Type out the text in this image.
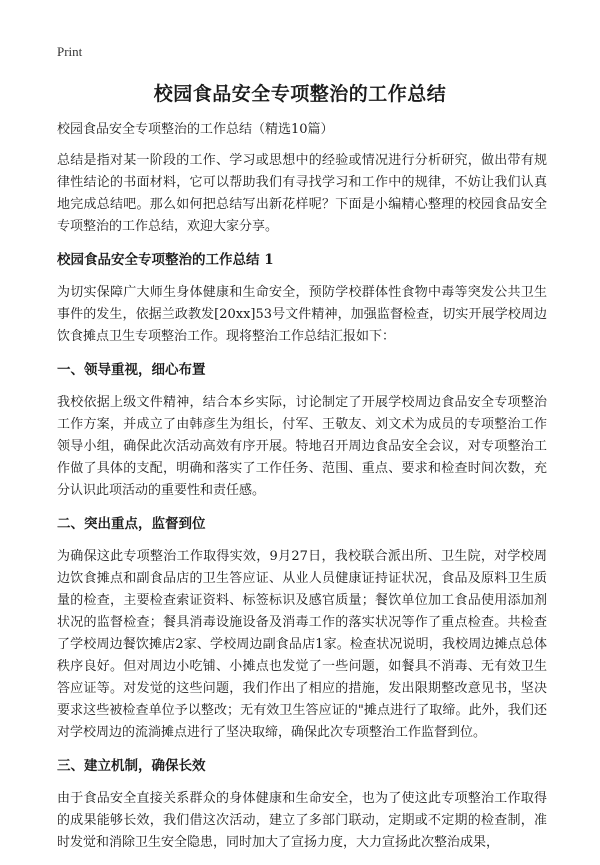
Print
校园食品安全专项整治的工作总结

校园食品安全专项整治的工作总结（精选10篇）

总结是指对某一阶段的工作、学习或思想中的经验或情况进行分析研究，做出带有规律性结论的书面材料，它可以帮助我们有寻找学习和工作中的规律，不妨让我们认真地完成总结吧。那么如何把总结写出新花样呢？下面是小编精心整理的校园食品安全专项整治的工作总结，欢迎大家分享。

校园食品安全专项整治的工作总结 1

为切实保障广大师生身体健康和生命安全，预防学校群体性食物中毒等突发公共卫生事件的发生，依据兰政教发[20xx]53号文件精神，加强监督检查，切实开展学校周边饮食摊点卫生专项整治工作。现将整治工作总结汇报如下：

一、领导重视，细心布置

我校依据上级文件精神，结合本乡实际，讨论制定了开展学校周边食品安全专项整治工作方案，并成立了由韩彦生为组长，付军、王敬友、刘文术为成员的专项整治工作领导小组，确保此次活动高效有序开展。特地召开周边食品安全会议，对专项整治工作做了具体的支配，明确和落实了工作任务、范围、重点、要求和检查时间次数，充分认识此项活动的重要性和责任感。

二、突出重点，监督到位

为确保这此专项整治工作取得实效，9月27日，我校联合派出所、卫生院，对学校周边饮食摊点和副食品店的卫生答应证、从业人员健康证持证状况，食品及原料卫生质量的检查，主要检查索证资料、标签标识及感官质量；餐饮单位加工食品使用添加剂状况的监督检查；餐具消毒设施设备及消毒工作的落实状况等作了重点检查。共检查了学校周边餐饮摊店2家、学校周边副食品店1家。检查状况说明，我校周边摊点总体秩序良好。但对周边小吃铺、小摊点也发觉了一些问题，如餐具不消毒、无有效卫生答应证等。对发觉的这些问题，我们作出了相应的措施，发出限期整改意见书，坚决要求这些被检查单位予以整改；无有效卫生答应证的"摊点进行了取缔。此外，我们还对学校周边的流淌摊点进行了坚决取缔，确保此次专项整治工作监督到位。

三、建立机制，确保长效

由于食品安全直接关系群众的身体健康和生命安全，也为了使这此专项整治工作取得的成果能够长效，我们借这次活动，建立了多部门联动，定期或不定期的检查制，准时发觉和消除卫生安全隐患，同时加大了宣扬力度，大力宣扬此次整治成果，
